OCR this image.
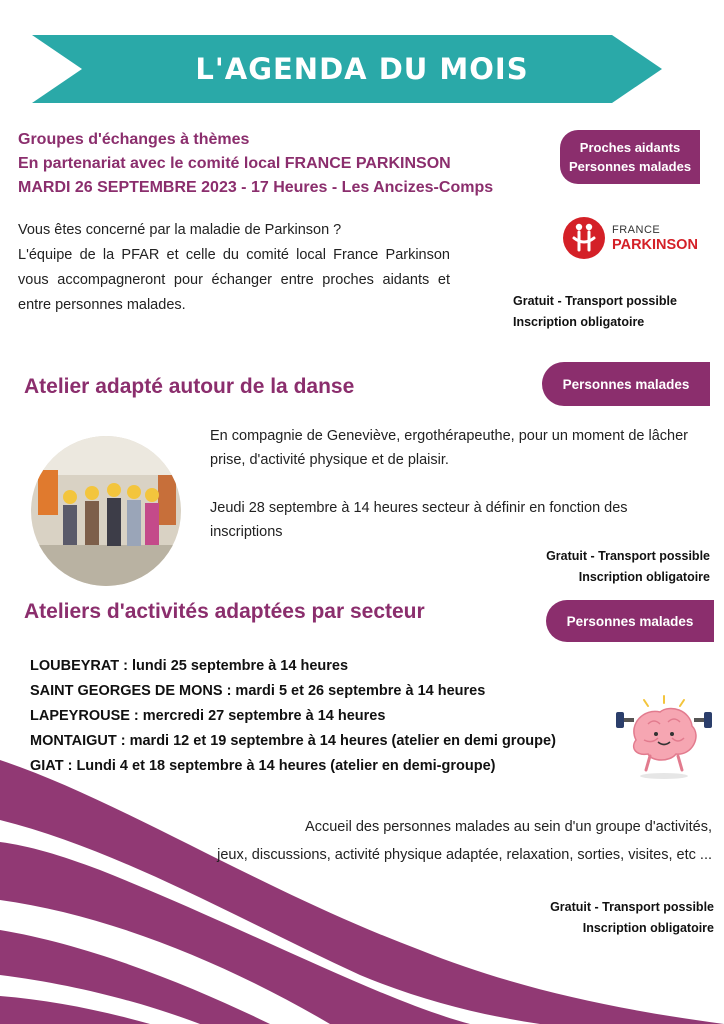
L'AGENDA DU MOIS
Groupes d'échanges à thèmes
En partenariat avec le comité local FRANCE PARKINSON
MARDI 26 SEPTEMBRE 2023 - 17 Heures - Les Ancizes-Comps
Proches aidants
Personnes malades
FRANCE
PARKINSON
Vous êtes concerné par la maladie de Parkinson ?
L'équipe de la PFAR et celle du comité local France Parkinson vous accompagneront pour échanger entre proches aidants et entre personnes malades.	Gratuit - Transport possible
Inscription obligatoire
Atelier adapté autour de la danse	Personnes malades
En compagnie de Geneviève, ergothérapeuthe, pour un moment de lâcher prise, d'activité physique et de plaisir.
Jeudi 28 septembre à 14 heures secteur à définir en fonction des inscriptions
Gratuit - Transport possible
Inscription obligatoire
Ateliers d'activités adaptées par secteur	Personnes malades
LOUBEYRAT : lundi 25 septembre à 14 heures
SAINT GEORGES DE MONS : mardi 5 et 26 septembre à 14 heures
LAPEYROUSE : mercredi 27 septembre à 14 heures
MONTAIGUT : mardi 12 et 19 septembre à 14 heures (atelier en demi groupe)
GIAT : Lundi 4 et 18 septembre à 14 heures (atelier en demi-groupe)
Accueil des personnes malades au sein d'un groupe d'activités,
jeux, discussions, activité physique adaptée, relaxation, sorties, visites, etc ...
Gratuit - Transport possible
Inscription obligatoire
